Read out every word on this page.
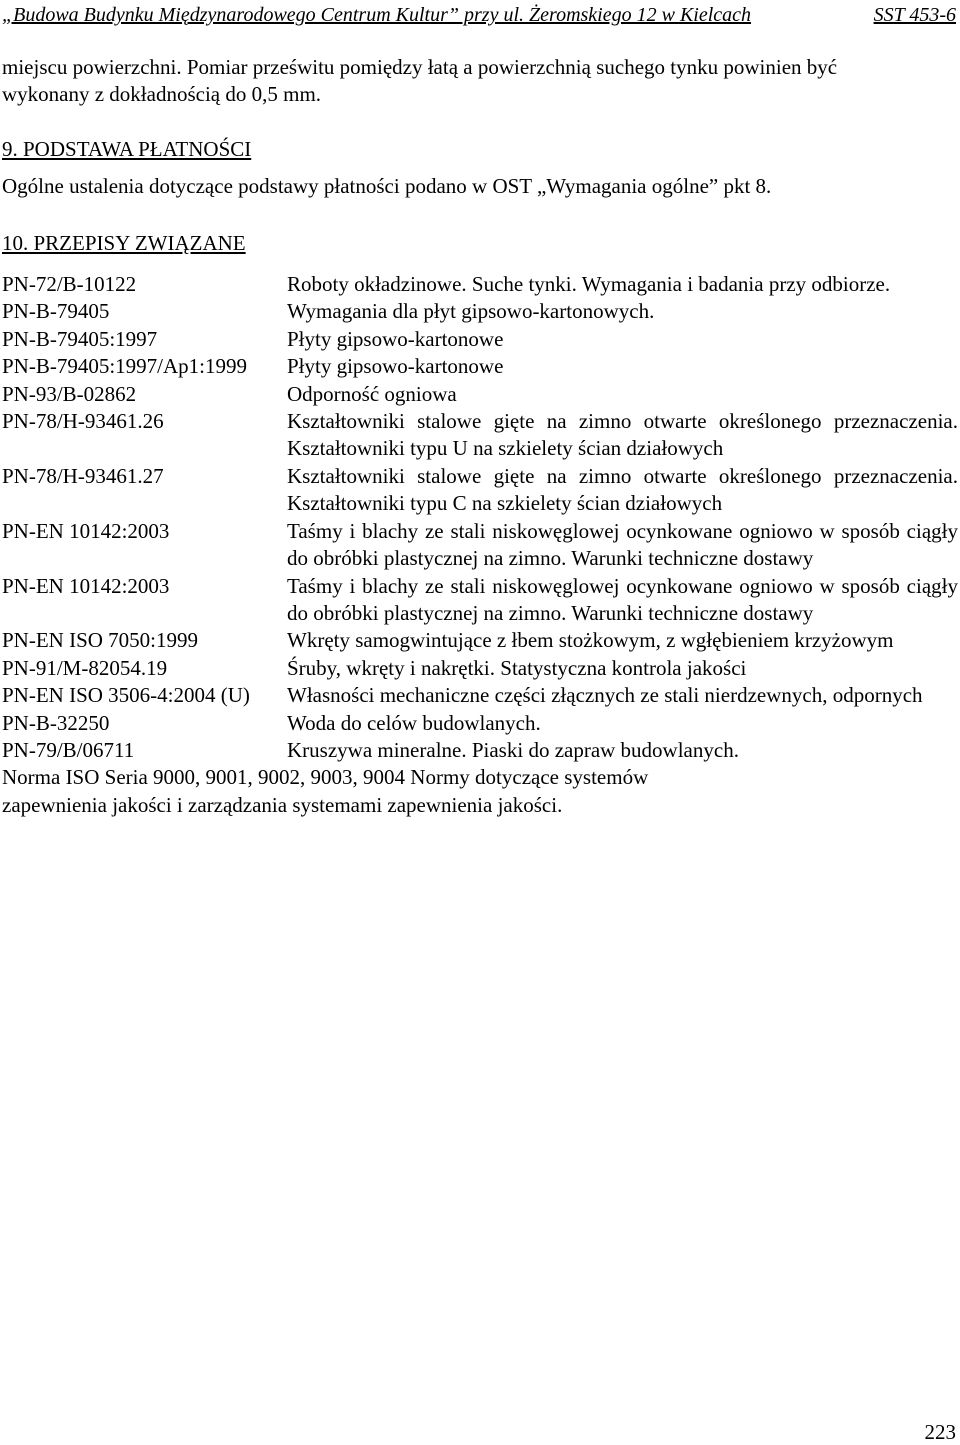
„Budowa Budynku Międzynarodowego Centrum Kultur” przy ul. Żeromskiego 12 w Kielcach	SST 453-6

miejscu powierzchni. Pomiar prześwitu pomiędzy łatą a powierzchnią suchego tynku powinien być

wykonany z dokładnością do 0,5 mm.

9. PODSTAWA PŁATNOŚCI

Ogólne ustalenia dotyczące podstawy płatności podano w OST „Wymagania ogólne” pkt 8.

10. PRZEPISY ZWIĄZANE

PN-72/B-10122	Roboty okładzinowe. Suche tynki. Wymagania i badania przy odbiorze.
PN-B-79405	Wymagania dla płyt gipsowo-kartonowych.
PN-B-79405:1997	Płyty gipsowo-kartonowe
PN-B-79405:1997/Ap1:1999	Płyty gipsowo-kartonowe
PN-93/B-02862	Odporność ogniowa
PN-78/H-93461.26	Kształtowniki stalowe gięte na zimno otwarte określonego przeznaczenia. Kształtowniki typu U na szkielety ścian działowych
PN-78/H-93461.27	Kształtowniki stalowe gięte na zimno otwarte określonego przeznaczenia. Kształtowniki typu C na szkielety ścian działowych
PN-EN 10142:2003	Taśmy i blachy ze stali niskowęglowej ocynkowane ogniowo w sposób ciągły do obróbki plastycznej na zimno. Warunki techniczne dostawy
PN-EN 10142:2003	Taśmy i blachy ze stali niskowęglowej ocynkowane ogniowo w sposób ciągły do obróbki plastycznej na zimno. Warunki techniczne dostawy
PN-EN ISO 7050:1999	Wkręty samogwintujące z łbem stożkowym, z wgłębieniem krzyżowym
PN-91/M-82054.19	Śruby, wkręty i nakrętki. Statystyczna kontrola jakości
PN-EN ISO 3506-4:2004 (U)	Własności mechaniczne części złącznych ze stali nierdzewnych, odpornych
PN-B-32250	Woda do celów budowlanych.
PN-79/B/06711	Kruszywa mineralne. Piaski do zapraw budowlanych.

Norma ISO Seria 9000, 9001, 9002, 9003, 9004 Normy dotyczące systemów

zapewnienia jakości i zarządzania systemami zapewnienia jakości.

223
